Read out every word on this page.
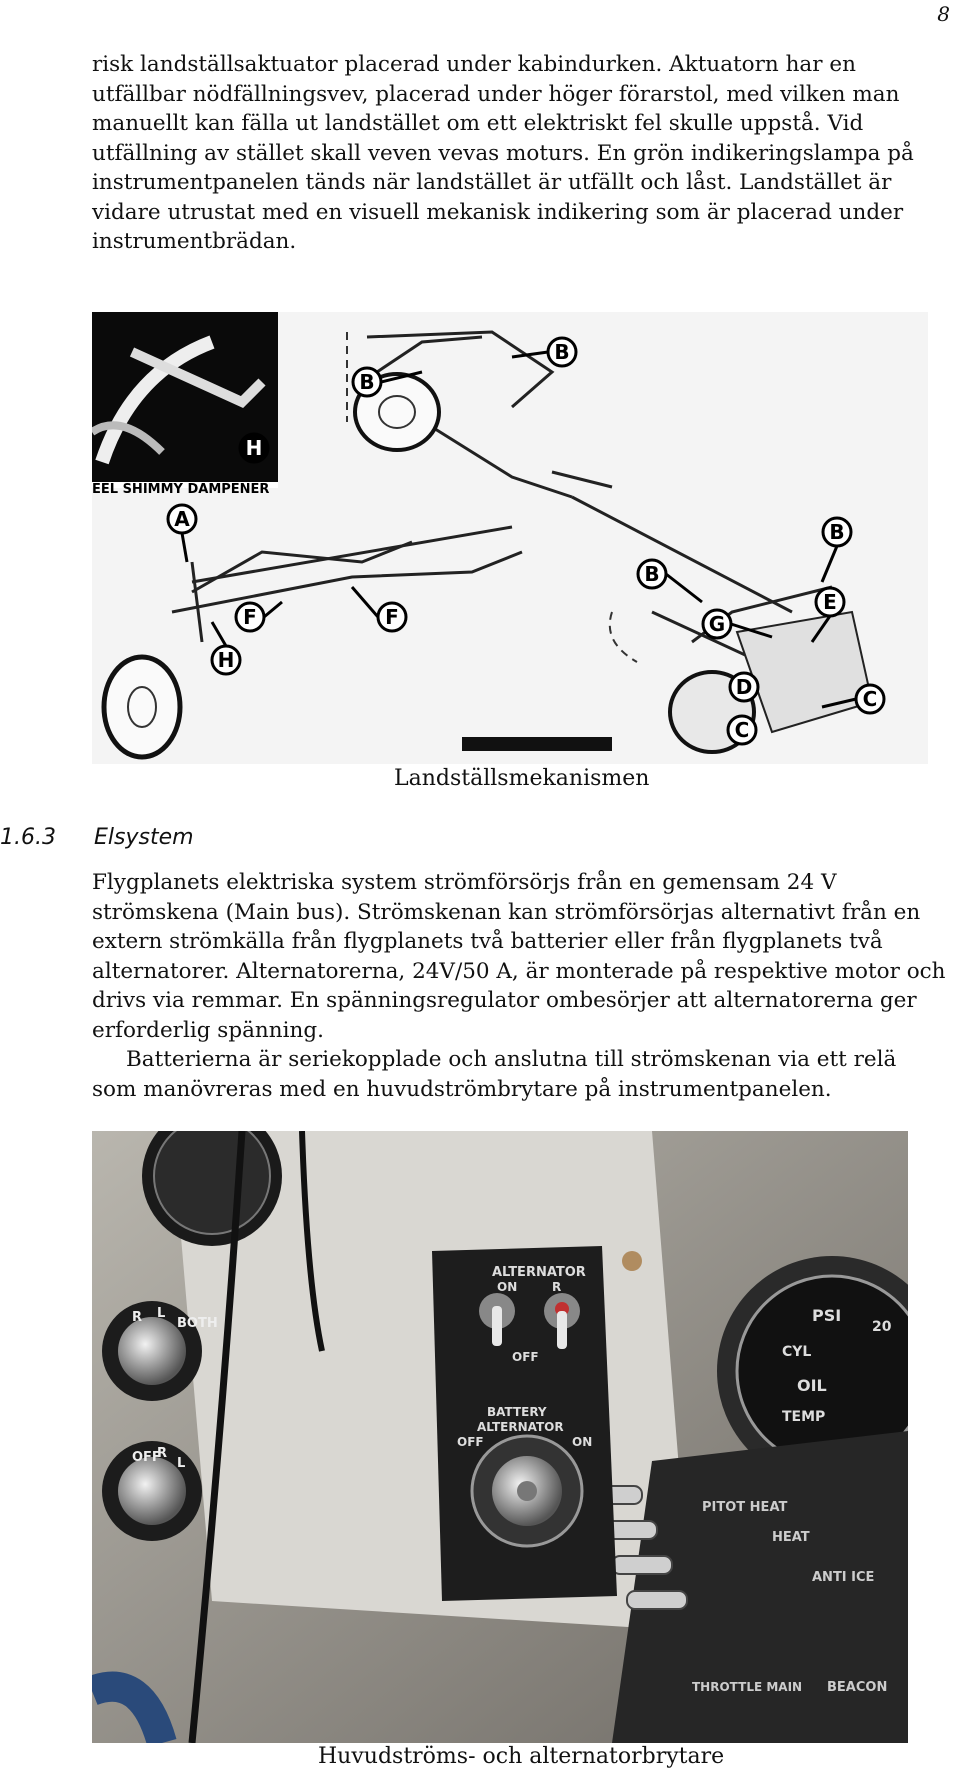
8

risk landställsaktuator placerad under kabindurken. Aktuatorn har en utfällbar nödfällningsvev, placerad under höger förarstol, med vilken man manuellt kan fälla ut landstället om ett elektriskt fel skulle uppstå. Vid utfällning av stället skall veven vevas moturs. En grön indikeringslampa på instrumentpanelen tänds när landstället är utfällt och låst. Landstället är vidare utrustat med en visuell mekanisk indikering som är placerad under instrumentbrädan.

EEL SHIMMY DAMPENER
H
A
B
B
B
B
C
C
D
E
F	F	G
H
Landställsmekanismen
1.6.3 Elsystem

Flygplanets elektriska system strömförsörjs från en gemensam 24 V strömskena (Main bus). Strömskenan kan strömförsörjas alternativt från en extern strömkälla från flygplanets två batterier eller från flygplanets två alternatorer. Alternatorerna, 24V/50 A, är monterade på respektive motor och drivs via remmar. En spänningsregulator ombesörjer att alternatorerna ger erforderlig spänning.

Batterierna är seriekopplade och anslutna till strömskenan via ett relä som manövreras med en huvudströmbrytare på instrumentpanelen.

PSI
OIL
TEMP
CYL
20
PITOT HEAT
HEAT
ANTI ICE
BEACON
THROTTLE MAIN
R L
BOTH
OFF
R
L
ALTERNATOR
ON	R
OFF
BATTERY
ALTERNATOR
ON
OFF
Huvudströms- och alternatorbrytare
